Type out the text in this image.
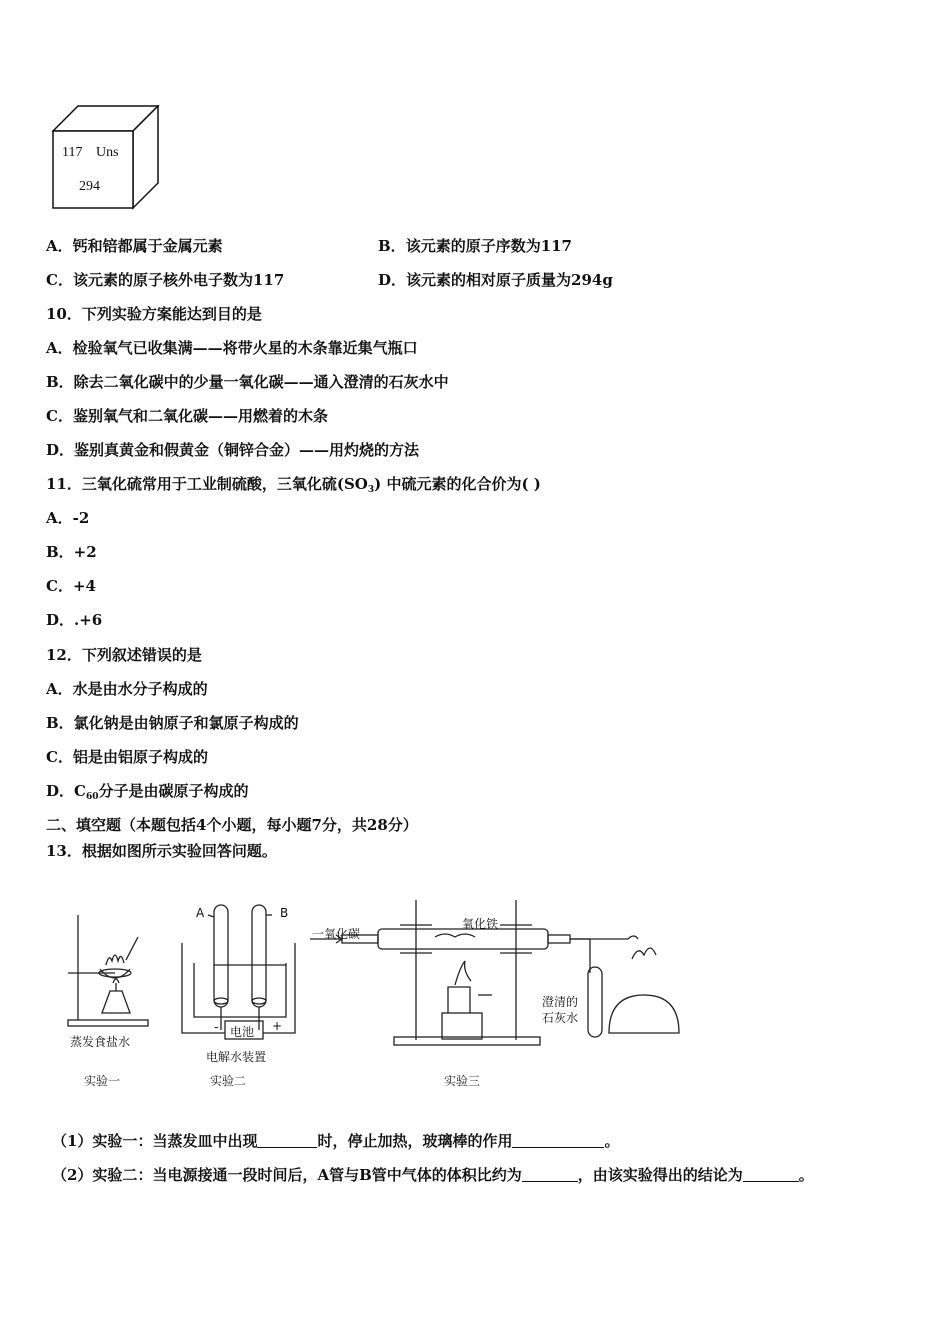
117 Uns
294
A．钙和锫都属于金属元素	B．该元素的原子序数为117
C．该元素的原子核外电子数为117	D．该元素的相对原子质量为294g
10．下列实验方案能达到目的是
A．检验氧气已收集满——将带火星的木条靠近集气瓶口
B．除去二氧化碳中的少量一氧化碳——通入澄清的石灰水中
C．鉴别氧气和二氧化碳——用燃着的木条
D．鉴别真黄金和假黄金（铜锌合金）——用灼烧的方法
11．三氧化硫常用于工业制硫酸，三氧化硫$(SO_3)$ 中硫元素的化合价为( )
A．-2
B．+2
C．+4
D．.+6
12．下列叙述错误的是
A．水是由水分子构成的
B．氯化钠是由钠原子和氯原子构成的
C．铝是由铝原子构成的
D．$C_{60}$分子是由碳原子构成的
二、填空题（本题包括4个小题，每小题7分，共28分）
13．根据如图所示实验回答问题。
蒸发食盐水
实验一
A	B
- 电池 +
电解水装置
实验二
一氧化碳
氧化铁
澄清的
石灰水
实验三
（1）实验一：当蒸发皿中出现	时，停止加热，玻璃棒的作用	。
（2）实验二：当电源接通一段时间后，A管与B管中气体的体积比约为	，由该实验得出的结论为	。
